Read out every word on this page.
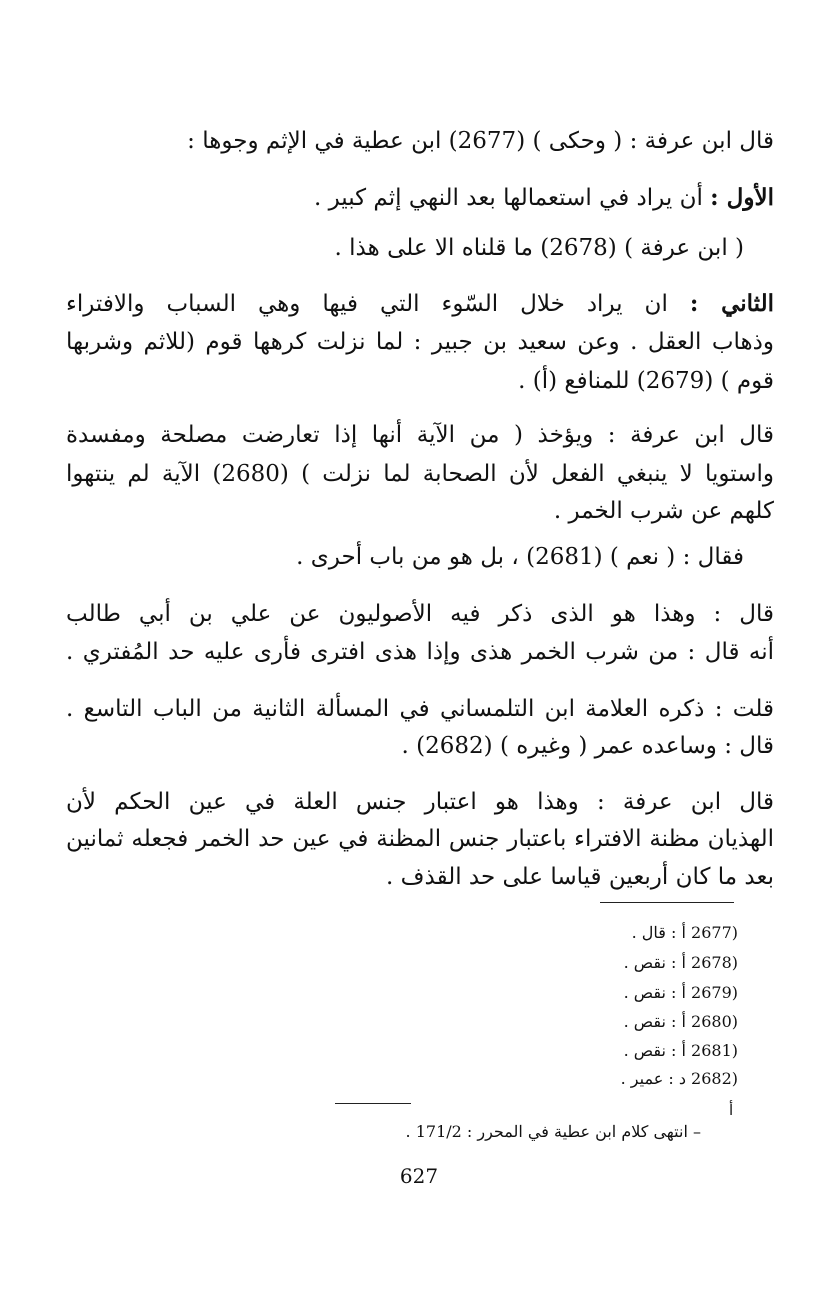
قال ابن عرفة : ( وحكى ) (2677) ابن عطية في الإثم وجوها :
الأول : أن يراد في استعمالها بعد النهي إثم كبير .
( ابن عرفة ) (2678) ما قلناه الا على هذا .
الثاني : ان يراد خلال السّوء التي فيها وهي السباب والافتراء
وذهاب العقل . وعن سعيد بن جبير : لما نزلت كرهها قوم (للاثم وشربها
قوم ) (2679) للمنافع (أ) .
قال ابن عرفة : ويؤخذ ( من الآية أنها إذا تعارضت مصلحة ومفسدة
واستويا لا ينبغي الفعل لأن الصحابة لما نزلت ) (2680) الآية لم ينتهوا
كلهم عن شرب الخمر .
فقال : ( نعم ) (2681) ، بل هو من باب أحرى .
قال : وهذا هو الذى ذكر فيه الأصوليون عن علي بن أبي طالب
أنه قال : من شرب الخمر هذى وإذا هذى افترى فأرى عليه حد المُفتري .
قلت : ذكره العلامة ابن التلمساني في المسألة الثانية من الباب التاسع .
قال : وساعده عمر ( وغيره ) (2682) .
قال ابن عرفة : وهذا هو اعتبار جنس العلة في عين الحكم لأن
الهذيان مظنة الافتراء باعتبار جنس المظنة في عين حد الخمر فجعله ثمانين
بعد ما كان أربعين قياسا على حد القذف .
(2677 أ : قال .
(2678 أ : نقص .
(2679 أ : نقص .
(2680 أ : نقص .
(2681 أ : نقص .
(2682 د : عمير .
أ
– انتهى كلام ابن عطية في المحرر : 171/2 .
627
